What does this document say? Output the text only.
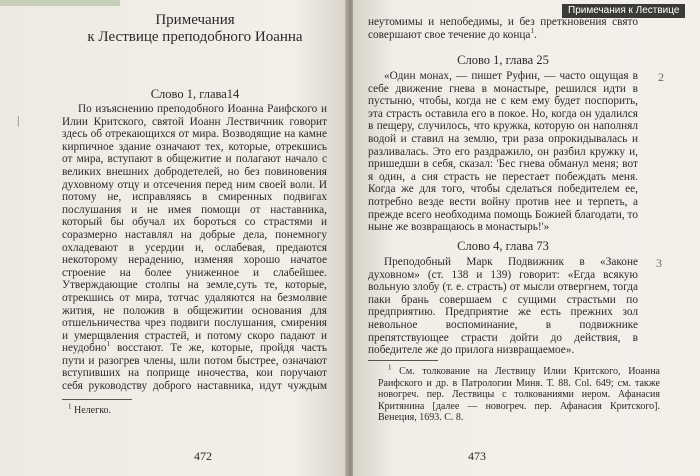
Примечания
к Лествице преподобного Иоанна
Слово 1, глава14
|

По изъяснению преподобного Иоанна Раифского и Илии Критского, святой Иоанн Лествичник говорит здесь об отрекающихся от мира. Возводящие на камне кирпичное здание означают тех, которые, отрекшись от мира, вступают в общежитие и полагают начало с великих внешних добродетелей, но без повиновения духовному отцу и отсечения перед ним своей воли. И потому не, исправляясь в смиренных подвигах послушания и не имея помощи от наставника, который бы обучал их бороться со страстями и соразмерно наставлял на добрые дела, понемногу охладевают в усердии и, ослабевая, предаются некоторому нерадению, изменяя хорошо начатое строение на более униженное и слабейшее. Утверждающие столпы на земле,суть те, которые, отрекшись от мира, тотчас удаляются на безмолвие жития, не положив в общежитии основания для отшельничества чрез подвиги послушания, смирения и умерщвления страстей, и потому скоро падают и неудобно$^1$ восстают. Те же, которые, пройдя часть пути и разогрев члены, шли потом быстрее, означают вступивших на поприще иночества, кои поручают себя руководству доброго наставника, идут чуждым

$^1$ Нелегко.
472
Примечания к Лествице

неутомимы и непобедимы, и без преткновения свято совершают свое течение до конца$^1$.

Слово 1, глава 25
2

«Один монах, — пишет Руфин, — часто ощущая в себе движение гнева в монастыре, решился идти в пустыню, чтобы, когда не с кем ему будет поспорить, эта страсть оставила его в покое. Но, когда он удалился в пещеру, случилось, что кружка, которую он наполнял водой и ставил на землю, три раза опрокидывалась и разливалась. Это его раздражило, он разбил кружку и, пришедши в себя, сказал: 'Бес гнева обманул меня; вот я один, а сия страсть не перестает побеждать меня. Когда же для того, чтобы сделаться победителем ее, потребно везде вести войну против нее и терпеть, а прежде всего необходима помощь Божией благодати, то ныне же возвращаюсь в монастырь!'»

Слово 4, глава 73
3

Преподобный Марк Подвижник в «Законе духовном» (ст. 138 и 139) говорит: «Егда всякую вольную злобу (т. е. страсть) от мысли отвергнем, тогда паки брань совершаем с сущими страстьми по предприятию. Предприятие же есть прежних зол невольное воспоминание, в подвижнике препятствующее страсти дойти до действия, в победителе же до прилога низвращаемое».

$^1$ См. толкование на Лествицу Илии Критского, Иоанна Раифского и др. в Патрологии Миня. Т. 88. Col. 649; см. также новогреч. пер. Лествицы с толкованиями иером. Афанасия Критянина [далее — новогреч. пер. Афанасия Критского]. Венеция, 1693. С. 8.

473
